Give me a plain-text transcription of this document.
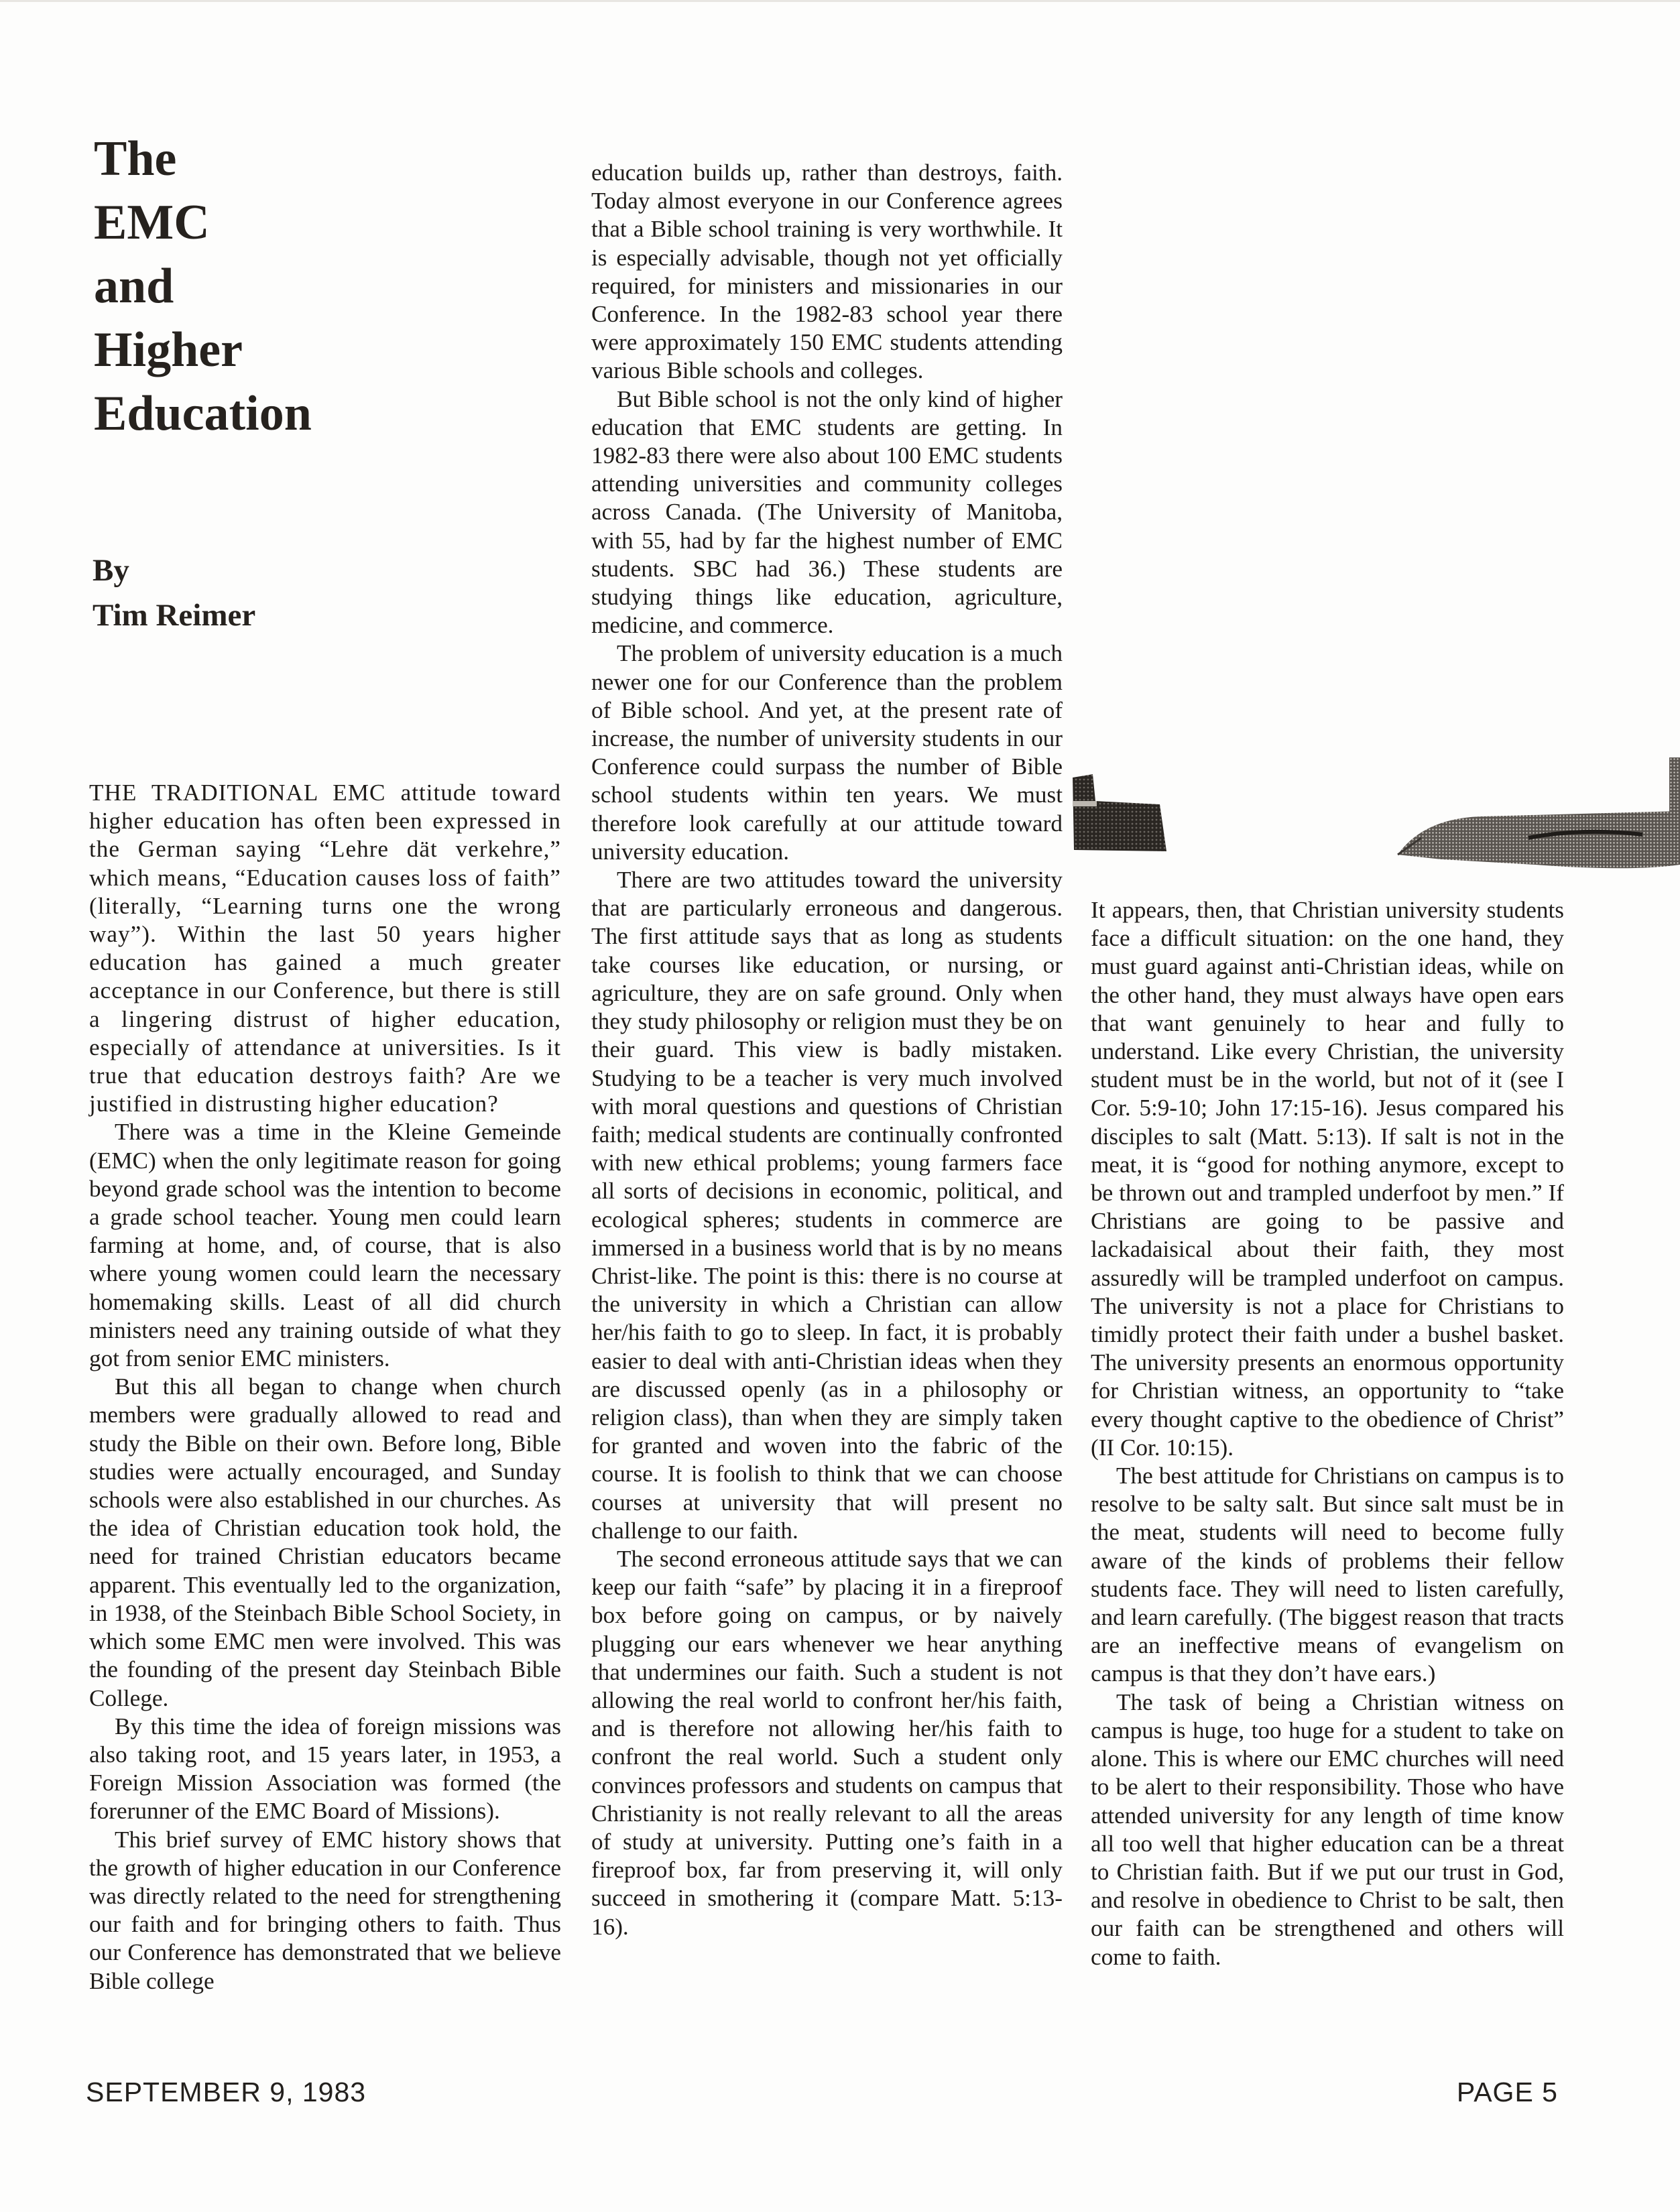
The
EMC
and
Higher
Education
By
Tim Reimer

THE TRADITIONAL EMC attitude toward higher education has often been expressed in the German saying “Lehre dät verkehre,” which means, “Education causes loss of faith” (literally, “Learning turns one the wrong way”). Within the last 50 years higher education has gained a much greater acceptance in our Conference, but there is still a lingering distrust of higher education, especially of attendance at universities. Is it true that education destroys faith? Are we justified in distrusting higher education?

There was a time in the Kleine Gemeinde (EMC) when the only legitimate reason for going beyond grade school was the intention to become a grade school teacher. Young men could learn farming at home, and, of course, that is also where young women could learn the necessary homemaking skills. Least of all did church ministers need any training outside of what they got from senior EMC ministers.

But this all began to change when church members were gradually allowed to read and study the Bible on their own. Before long, Bible studies were actually encouraged, and Sunday schools were also established in our churches. As the idea of Christian education took hold, the need for trained Christian educators became apparent. This eventually led to the organization, in 1938, of the Steinbach Bible School Society, in which some EMC men were involved. This was the founding of the present day Steinbach Bible College.

By this time the idea of foreign missions was also taking root, and 15 years later, in 1953, a Foreign Mission Association was formed (the forerunner of the EMC Board of Missions).

This brief survey of EMC history shows that the growth of higher education in our Conference was directly related to the need for strengthening our faith and for bringing others to faith. Thus our Conference has demonstrated that we believe Bible college

education builds up, rather than destroys, faith. Today almost everyone in our Conference agrees that a Bible school training is very worthwhile. It is especially advisable, though not yet officially required, for ministers and missionaries in our Conference. In the 1982-83 school year there were approximately 150 EMC students attending various Bible schools and colleges.

But Bible school is not the only kind of higher education that EMC students are getting. In 1982-83 there were also about 100 EMC students attending universities and community colleges across Canada. (The University of Manitoba, with 55, had by far the highest number of EMC students. SBC had 36.) These students are studying things like education, agriculture, medicine, and commerce.

The problem of university education is a much newer one for our Conference than the problem of Bible school. And yet, at the present rate of increase, the number of university students in our Conference could surpass the number of Bible school students within ten years. We must therefore look carefully at our attitude toward university education.

There are two attitudes toward the university that are particularly erroneous and dangerous. The first attitude says that as long as students take courses like education, or nursing, or agriculture, they are on safe ground. Only when they study philosophy or religion must they be on their guard. This view is badly mistaken. Studying to be a teacher is very much involved with moral questions and questions of Christian faith; medical students are continually confronted with new ethical problems; young farmers face all sorts of decisions in economic, political, and ecological spheres; students in commerce are immersed in a business world that is by no means Christ-like. The point is this: there is no course at the university in which a Christian can allow her/his faith to go to sleep. In fact, it is probably easier to deal with anti-Christian ideas when they are discussed openly (as in a philosophy or religion class), than when they are simply taken for granted and woven into the fabric of the course. It is foolish to think that we can choose courses at university that will present no challenge to our faith.

The second erroneous attitude says that we can keep our faith “safe” by placing it in a fireproof box before going on campus, or by naively plugging our ears whenever we hear anything that undermines our faith. Such a student is not allowing the real world to confront her/his faith, and is therefore not allowing her/his faith to confront the real world. Such a student only convinces professors and students on campus that Christianity is not really relevant to all the areas of study at university. Putting one’s faith in a fireproof box, far from preserving it, will only succeed in smothering it (compare Matt. 5:13-16).

It appears, then, that Christian university students face a difficult situation: on the one hand, they must guard against anti-Christian ideas, while on the other hand, they must always have open ears that want genuinely to hear and fully to understand. Like every Christian, the university student must be in the world, but not of it (see I Cor. 5:9-10; John 17:15-16). Jesus compared his disciples to salt (Matt. 5:13). If salt is not in the meat, it is “good for nothing anymore, except to be thrown out and trampled underfoot by men.” If Christians are going to be passive and lackadaisical about their faith, they most assuredly will be trampled underfoot on campus. The university is not a place for Christians to timidly protect their faith under a bushel basket. The university presents an enormous opportunity for Christian witness, an opportunity to “take every thought captive to the obedience of Christ” (II Cor. 10:15).

The best attitude for Christians on campus is to resolve to be salty salt. But since salt must be in the meat, students will need to become fully aware of the kinds of problems their fellow students face. They will need to listen carefully, and learn carefully. (The biggest reason that tracts are an ineffective means of evangelism on campus is that they don’t have ears.)

The task of being a Christian witness on campus is huge, too huge for a student to take on alone. This is where our EMC churches will need to be alert to their responsibility. Those who have attended university for any length of time know all too well that higher education can be a threat to Christian faith. But if we put our trust in God, and resolve in obedience to Christ to be salt, then our faith can be strengthened and others will come to faith.

SEPTEMBER 9, 1983	PAGE 5
